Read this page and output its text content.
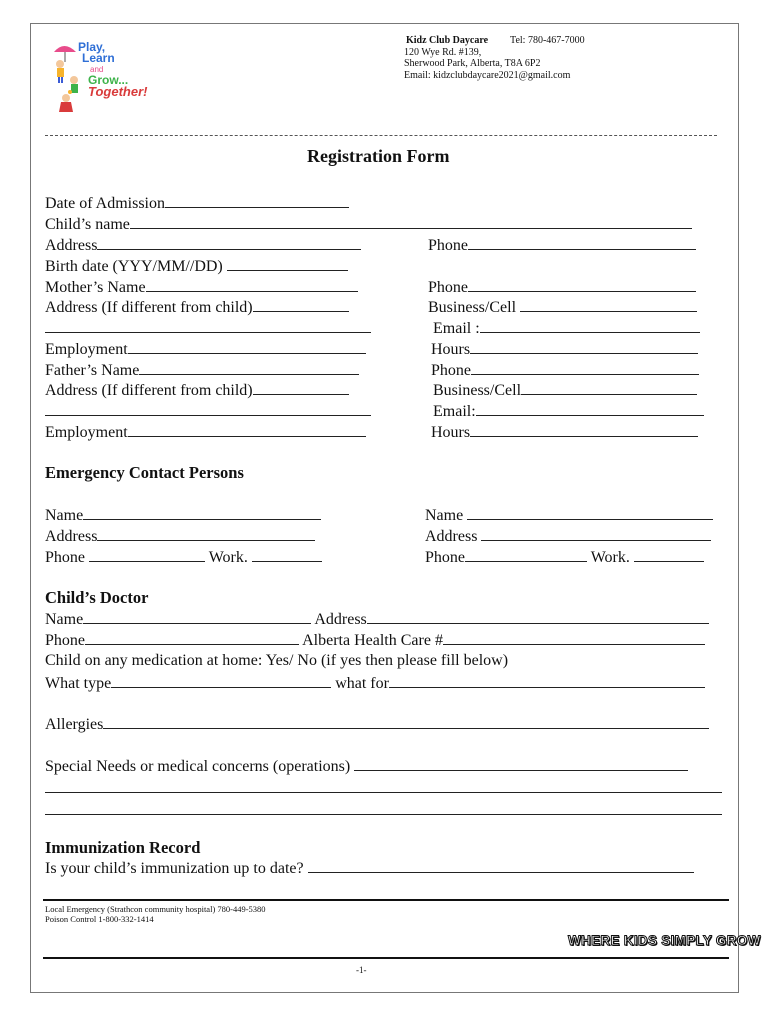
Play,
Learn
and
Grow...
Together!
Kidz Club Daycare Tel: 780-467-7000
120 Wye Rd. #139,
Sherwood Park, Alberta, T8A 6P2
Email: kidzclubdaycare2021@gmail.com
Registration Form
Date of Admission
Child’s name
Address	Phone
Birth date (YYY/MM//DD)
Mother’s Name	Phone
Address (If different from child)	Business/Cell
Email :
Employment	Hours
Father’s Name	Phone
Address (If different from child)	Business/Cell
Email:
Employment	Hours
Emergency Contact Persons
Name	Name
Address	Address
Phone	Work.	Phone	Work.
Child’s Doctor
Name	Address
Phone	Alberta Health Care #
Child on any medication at home: Yes/ No (if yes then please fill below)
What type	what for
Allergies
Special Needs or medical concerns (operations)
Immunization Record
Is your child’s immunization up to date?
Local Emergency (Strathcon community hospital) 780-449-5380
Poison Control 1-800-332-1414
WHERE KIDS SIMPLY GROW
-1-
